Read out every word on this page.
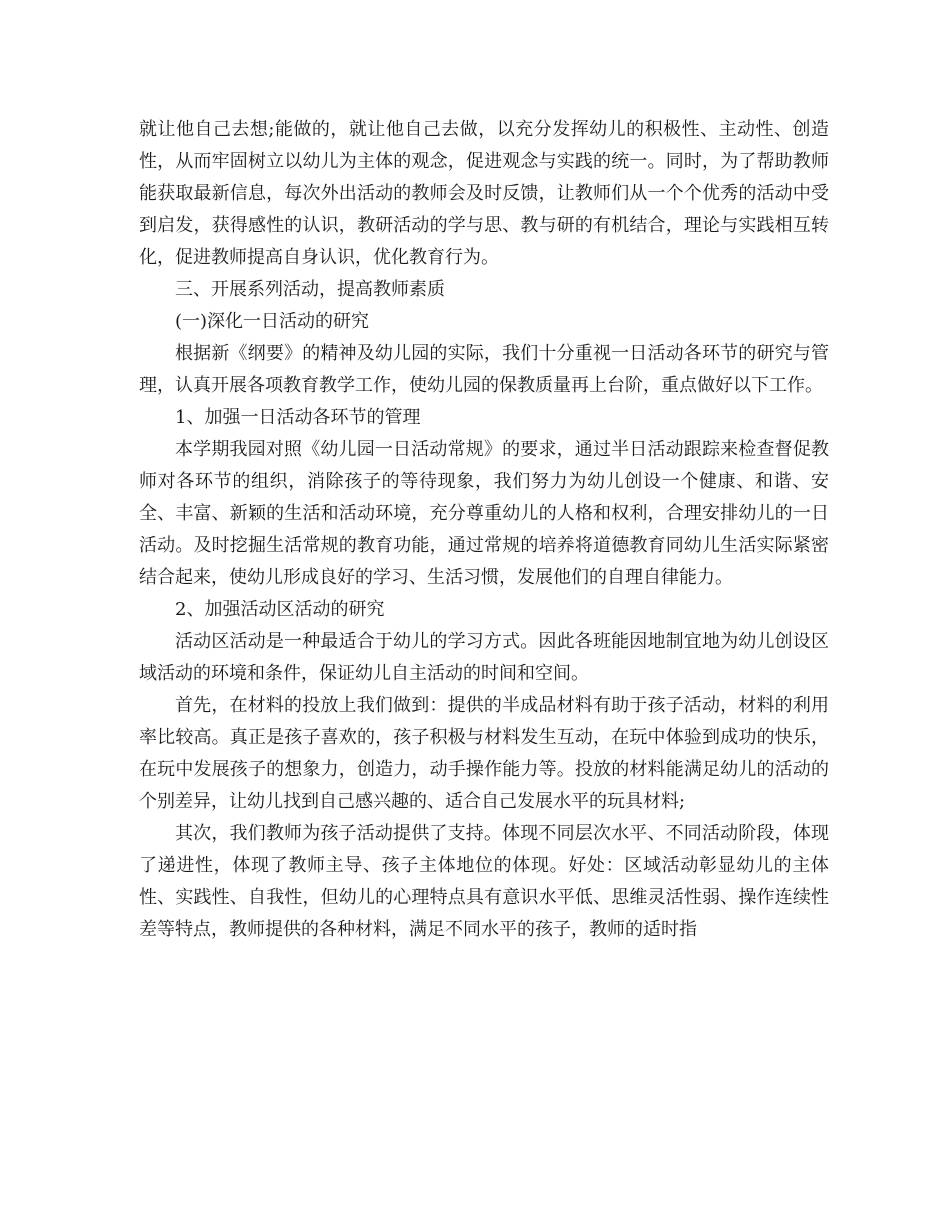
就让他自己去想;能做的，就让他自己去做，以充分发挥幼儿的积极性、主动性、创造性，从而牢固树立以幼儿为主体的观念，促进观念与实践的统一。同时，为了帮助教师能获取最新信息，每次外出活动的教师会及时反馈，让教师们从一个个优秀的活动中受到启发，获得感性的认识，教研活动的学与思、教与研的有机结合，理论与实践相互转化，促进教师提高自身认识，优化教育行为。

三、开展系列活动，提高教师素质

(一)深化一日活动的研究

根据新《纲要》的精神及幼儿园的实际，我们十分重视一日活动各环节的研究与管理，认真开展各项教育教学工作，使幼儿园的保教质量再上台阶，重点做好以下工作。

1、加强一日活动各环节的管理

本学期我园对照《幼儿园一日活动常规》的要求，通过半日活动跟踪来检查督促教师对各环节的组织，消除孩子的等待现象，我们努力为幼儿创设一个健康、和谐、安全、丰富、新颖的生活和活动环境，充分尊重幼儿的人格和权利，合理安排幼儿的一日活动。及时挖掘生活常规的教育功能，通过常规的培养将道德教育同幼儿生活实际紧密结合起来，使幼儿形成良好的学习、生活习惯，发展他们的自理自律能力。

2、加强活动区活动的研究

活动区活动是一种最适合于幼儿的学习方式。因此各班能因地制宜地为幼儿创设区域活动的环境和条件，保证幼儿自主活动的时间和空间。

首先，在材料的投放上我们做到：提供的半成品材料有助于孩子活动，材料的利用率比较高。真正是孩子喜欢的，孩子积极与材料发生互动，在玩中体验到成功的快乐，在玩中发展孩子的想象力，创造力，动手操作能力等。投放的材料能满足幼儿的活动的个别差异，让幼儿找到自己感兴趣的、适合自己发展水平的玩具材料;

其次，我们教师为孩子活动提供了支持。体现不同层次水平、不同活动阶段，体现了递进性，体现了教师主导、孩子主体地位的体现。好处：区域活动彰显幼儿的主体性、实践性、自我性，但幼儿的心理特点具有意识水平低、思维灵活性弱、操作连续性差等特点，教师提供的各种材料，满足不同水平的孩子，教师的适时指
